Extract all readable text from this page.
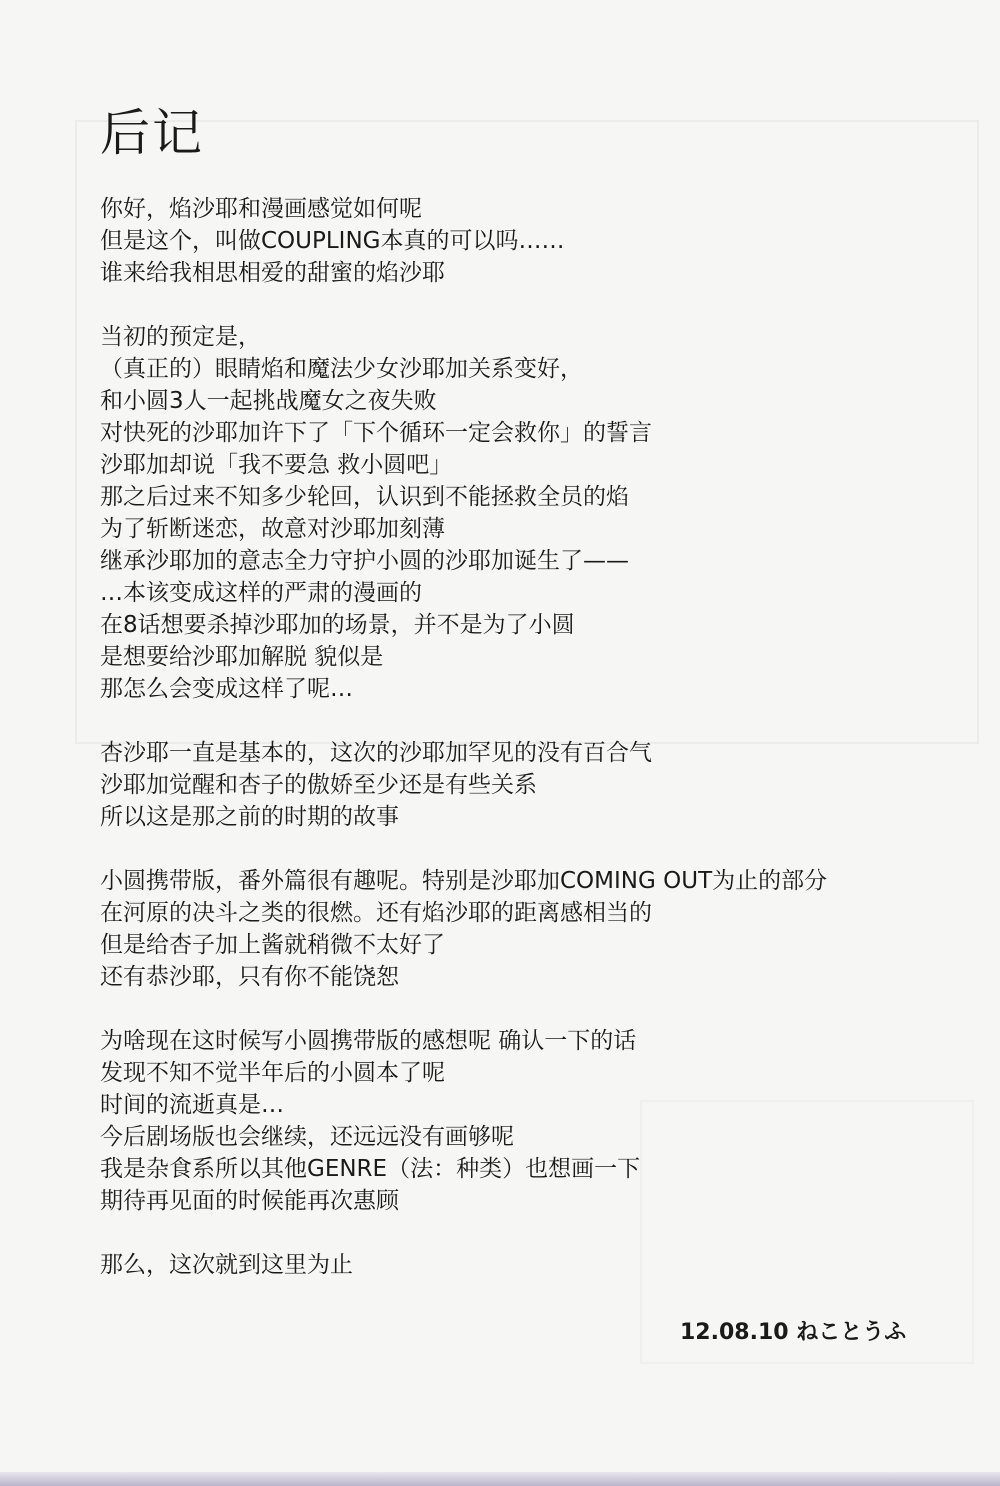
后记
你好，焰沙耶和漫画感觉如何呢
但是这个，叫做COUPLING本真的可以吗……
谁来给我相思相爱的甜蜜的焰沙耶
当初的预定是，
（真正的）眼睛焰和魔法少女沙耶加关系变好，
和小圆3人一起挑战魔女之夜失败
对快死的沙耶加许下了「下个循环一定会救你」的誓言
沙耶加却说「我不要急 救小圆吧」
那之后过来不知多少轮回，认识到不能拯救全员的焰
为了斩断迷恋，故意对沙耶加刻薄
继承沙耶加的意志全力守护小圆的沙耶加诞生了——
…本该变成这样的严肃的漫画的
在8话想要杀掉沙耶加的场景，并不是为了小圆
是想要给沙耶加解脱 貌似是
那怎么会变成这样了呢…
杏沙耶一直是基本的，这次的沙耶加罕见的没有百合气
沙耶加觉醒和杏子的傲娇至少还是有些关系
所以这是那之前的时期的故事
小圆携带版，番外篇很有趣呢。特别是沙耶加COMING OUT为止的部分
在河原的决斗之类的很燃。还有焰沙耶的距离感相当的
但是给杏子加上酱就稍微不太好了
还有恭沙耶，只有你不能饶恕
为啥现在这时候写小圆携带版的感想呢 确认一下的话
发现不知不觉半年后的小圆本了呢
时间的流逝真是…
今后剧场版也会继续，还远远没有画够呢
我是杂食系所以其他GENRE（法：种类）也想画一下
期待再见面的时候能再次惠顾
那么，这次就到这里为止
12.08.10 ねことうふ
